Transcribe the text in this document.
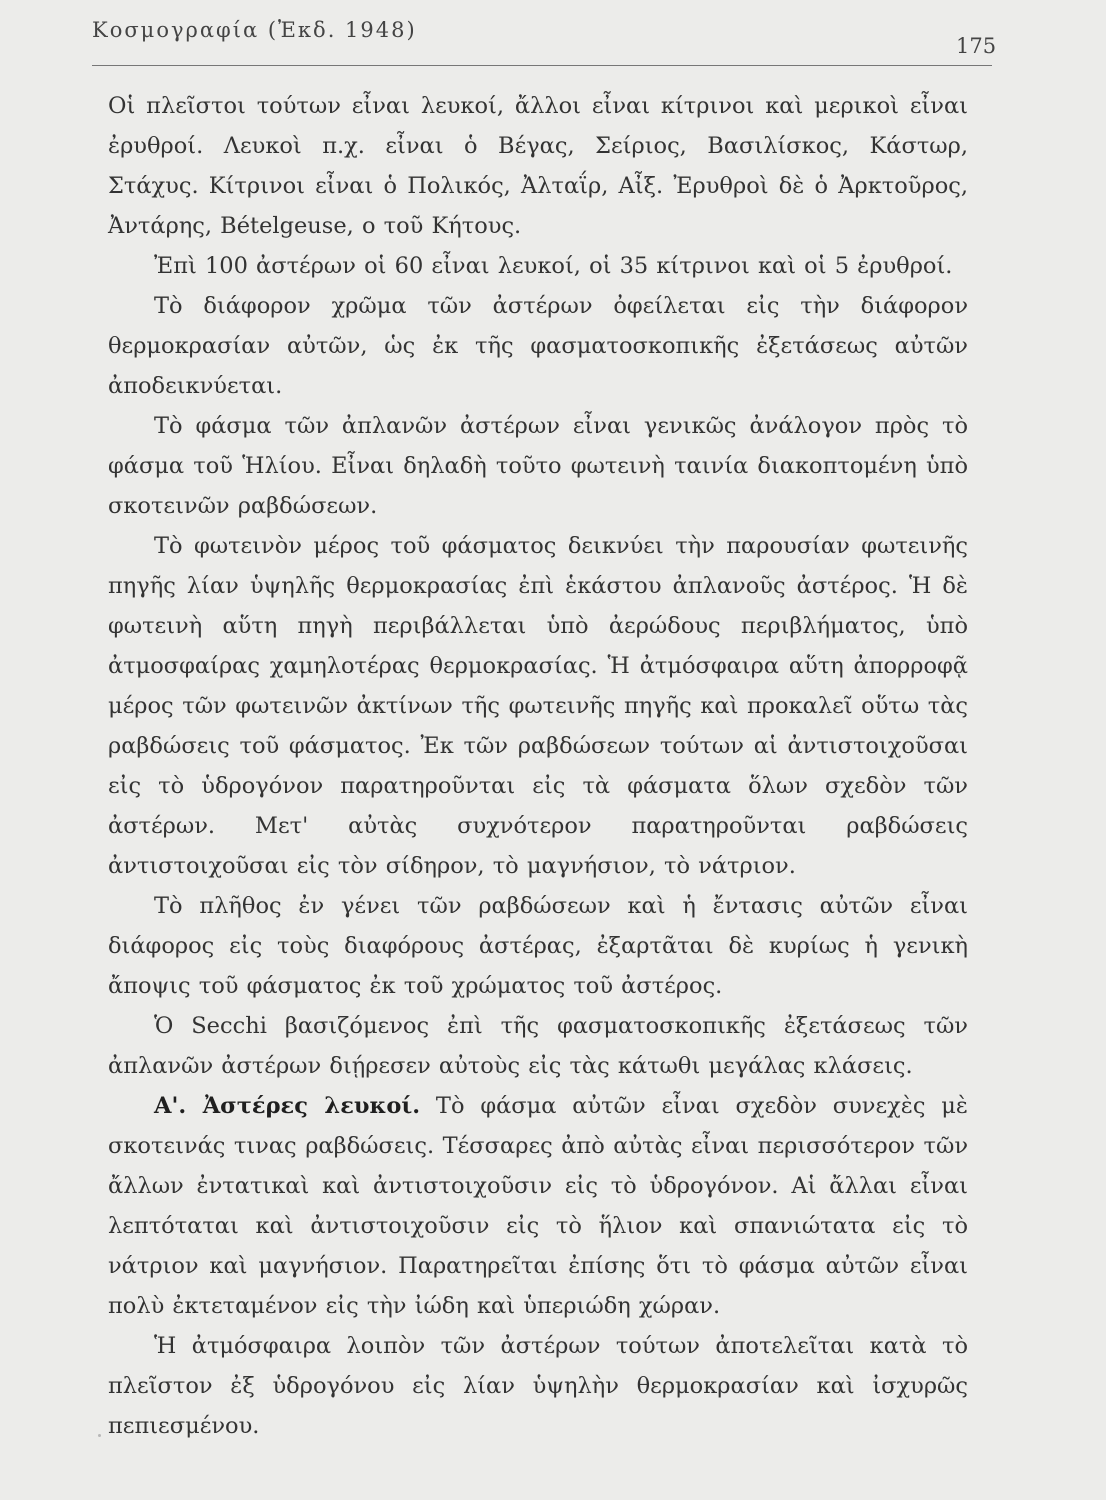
Κοσμογραφία (Ἐκδ. 1948)
175

Οἱ πλεῖστοι τούτων εἶναι λευκοί, ἄλλοι εἶναι κίτρινοι καὶ μερικοὶ εἶναι ἐρυθροί. Λευκοὶ π.χ. εἶναι ὁ Βέγας, Σείριος, Βασιλίσκος, Κάστωρ, Στάχυς. Κίτρινοι εἶναι ὁ Πολικός, Ἀλταΐρ, Αἶξ. Ἐρυθροὶ δὲ ὁ Ἀρκτοῦρος, Ἀντάρης, Bételgeuse, ο τοῦ Κήτους.

Ἐπὶ 100 ἀστέρων οἱ 60 εἶναι λευκοί, οἱ 35 κίτρινοι καὶ οἱ 5 ἐρυθροί.

Τὸ διάφορον χρῶμα τῶν ἀστέρων ὀφείλεται εἰς τὴν διάφορον θερμοκρασίαν αὐτῶν, ὡς ἐκ τῆς φασματοσκοπικῆς ἐξετάσεως αὐτῶν ἀποδεικνύεται.

Τὸ φάσμα τῶν ἀπλανῶν ἀστέρων εἶναι γενικῶς ἀνάλογον πρὸς τὸ φάσμα τοῦ Ἡλίου. Εἶναι δηλαδὴ τοῦτο φωτεινὴ ταινία διακοπτομένη ὑπὸ σκοτεινῶν ραβδώσεων.

Τὸ φωτεινὸν μέρος τοῦ φάσματος δεικνύει τὴν παρουσίαν φωτεινῆς πηγῆς λίαν ὑψηλῆς θερμοκρασίας ἐπὶ ἑκάστου ἀπλανοῦς ἀστέρος. Ἡ δὲ φωτεινὴ αὕτη πηγὴ περιβάλλεται ὑπὸ ἀερώδους περιβλήματος, ὑπὸ ἀτμοσφαίρας χαμηλοτέρας θερμοκρασίας. Ἡ ἀτμόσφαιρα αὕτη ἀπορροφᾷ μέρος τῶν φωτεινῶν ἀκτίνων τῆς φωτεινῆς πηγῆς καὶ προκαλεῖ οὕτω τὰς ραβδώσεις τοῦ φάσματος. Ἐκ τῶν ραβδώσεων τούτων αἱ ἀντιστοιχοῦσαι εἰς τὸ ὑδρογόνον παρατηροῦνται εἰς τὰ φάσματα ὅλων σχεδὸν τῶν ἀστέρων. Μετ' αὐτὰς συχνότερον παρατηροῦνται ραβδώσεις ἀντιστοιχοῦσαι εἰς τὸν σίδηρον, τὸ μαγνήσιον, τὸ νάτριον.

Τὸ πλῆθος ἐν γένει τῶν ραβδώσεων καὶ ἡ ἔντασις αὐτῶν εἶναι διάφορος εἰς τοὺς διαφόρους ἀστέρας, ἐξαρτᾶται δὲ κυρίως ἡ γενικὴ ἄποψις τοῦ φάσματος ἐκ τοῦ χρώματος τοῦ ἀστέρος.

Ὁ Secchi βασιζόμενος ἐπὶ τῆς φασματοσκοπικῆς ἐξετάσεως τῶν ἀπλανῶν ἀστέρων διῄρεσεν αὐτοὺς εἰς τὰς κάτωθι μεγάλας κλάσεις.

Α'. Ἀστέρες λευκοί. Τὸ φάσμα αὐτῶν εἶναι σχεδὸν συνεχὲς μὲ σκοτεινάς τινας ραβδώσεις. Τέσσαρες ἀπὸ αὐτὰς εἶναι περισσότερον τῶν ἄλλων ἐντατικαὶ καὶ ἀντιστοιχοῦσιν εἰς τὸ ὑδρογόνον. Αἱ ἄλλαι εἶναι λεπτόταται καὶ ἀντιστοιχοῦσιν εἰς τὸ ἥλιον καὶ σπανιώτατα εἰς τὸ νάτριον καὶ μαγνήσιον. Παρατηρεῖται ἐπίσης ὅτι τὸ φάσμα αὐτῶν εἶναι πολὺ ἐκτεταμένον εἰς τὴν ἰώδη καὶ ὑπεριώδη χώραν.

Ἡ ἀτμόσφαιρα λοιπὸν τῶν ἀστέρων τούτων ἀποτελεῖται κατὰ τὸ πλεῖστον ἐξ ὑδρογόνου εἰς λίαν ὑψηλὴν θερμοκρασίαν καὶ ἰσχυρῶς πεπιεσμένου.
